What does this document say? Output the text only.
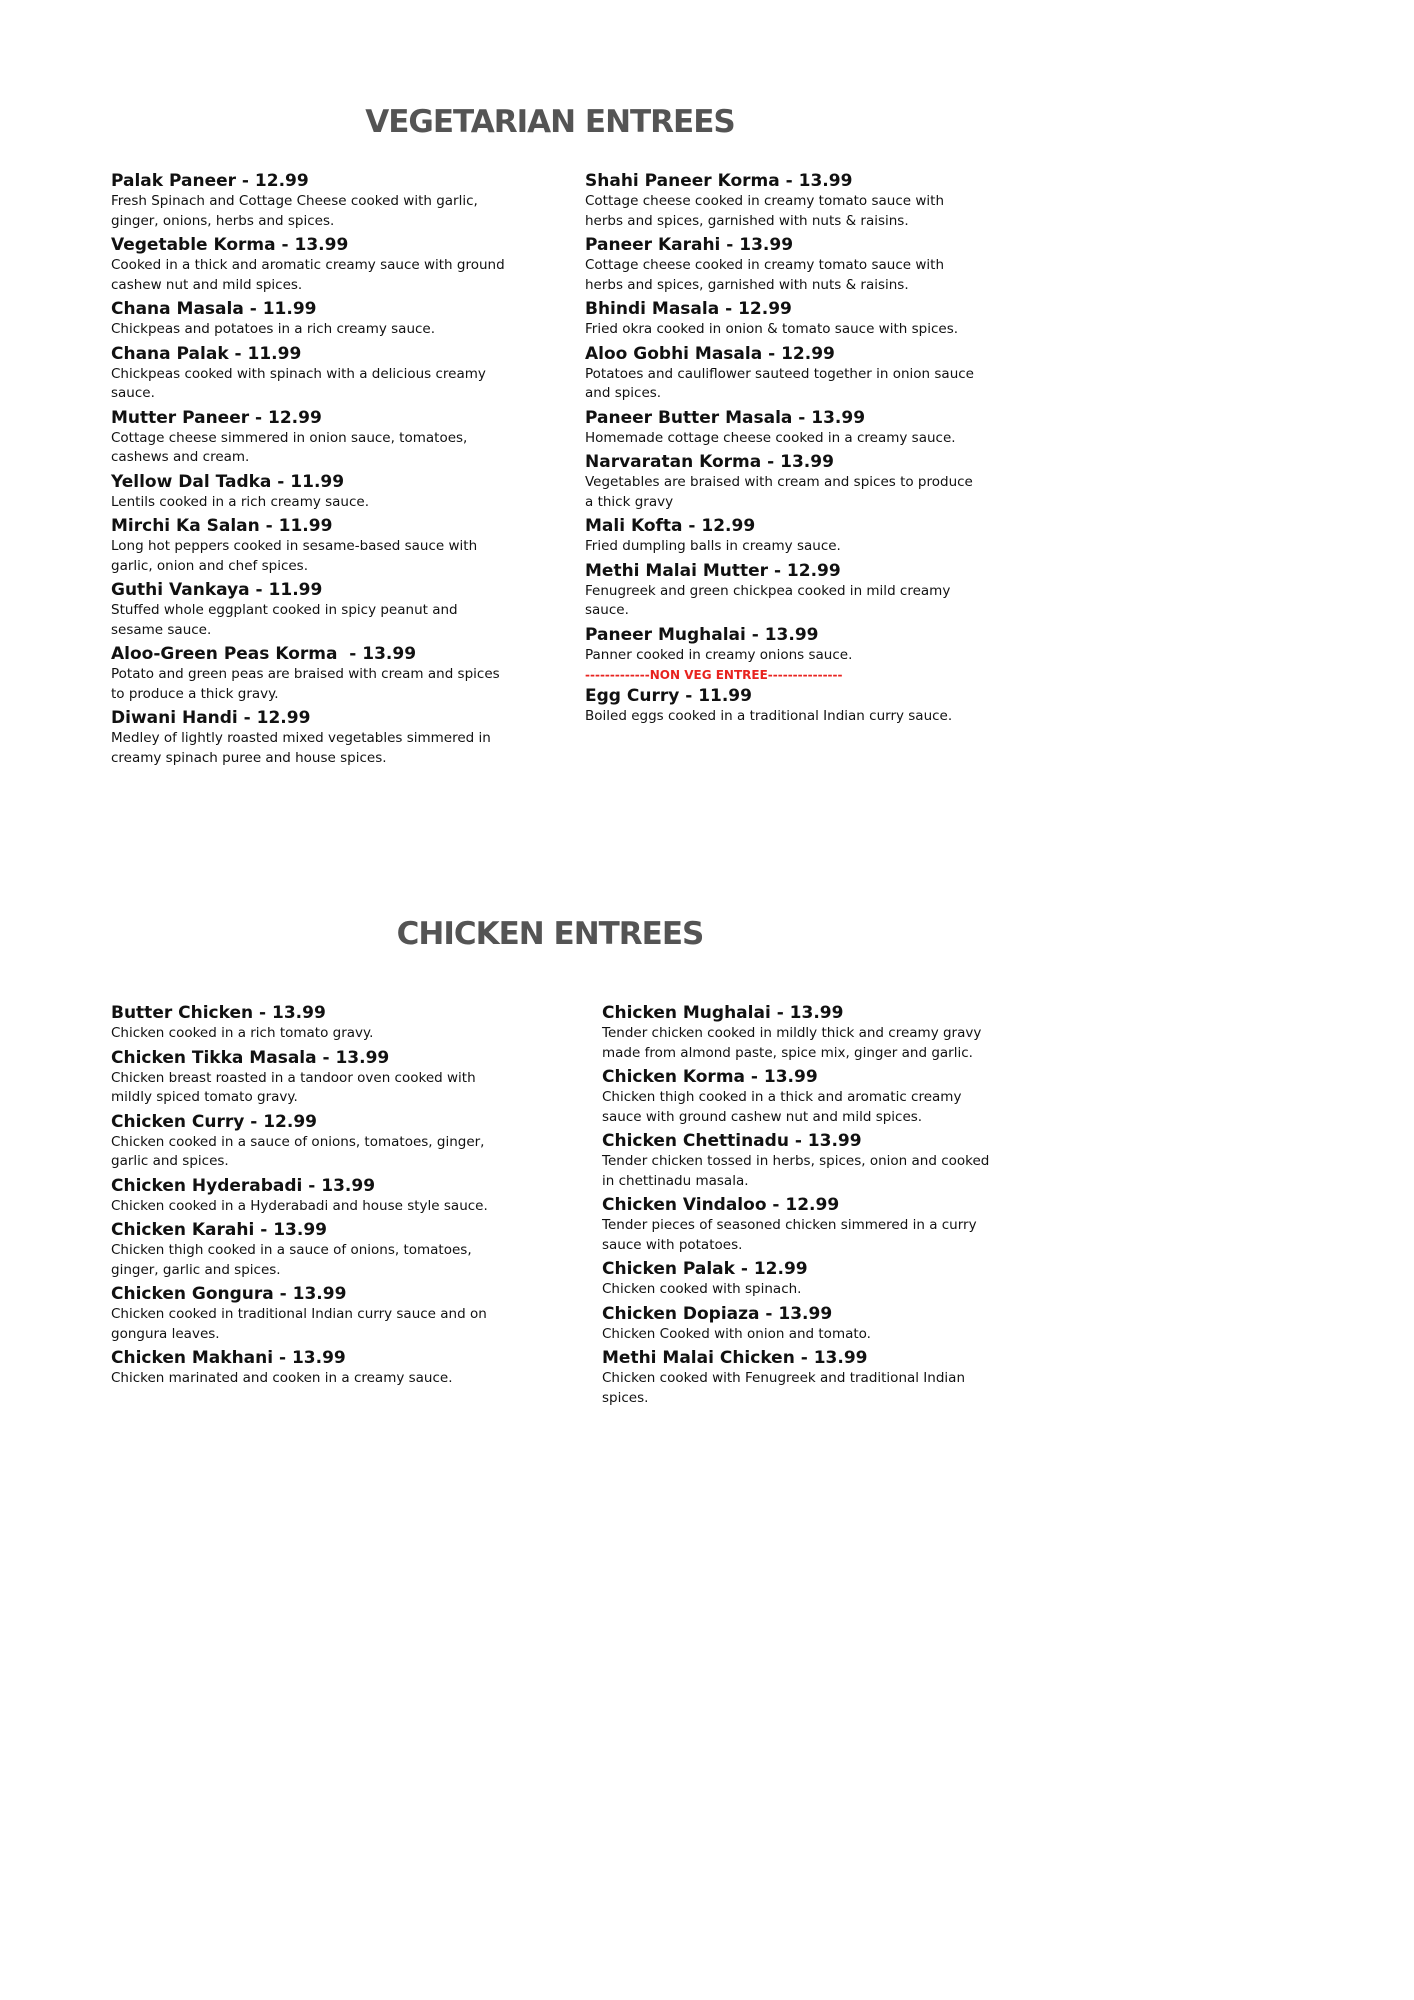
VEGETARIAN ENTREES
Palak Paneer - 12.99
Fresh Spinach and Cottage Cheese cooked with garlic, ginger, onions, herbs and spices.
Vegetable Korma - 13.99
Cooked in a thick and aromatic creamy sauce with ground cashew nut and mild spices.
Chana Masala - 11.99
Chickpeas and potatoes in a rich creamy sauce.
Chana Palak - 11.99
Chickpeas cooked with spinach with a delicious creamy sauce.
Mutter Paneer - 12.99
Cottage cheese simmered in onion sauce, tomatoes, cashews and cream.
Yellow Dal Tadka - 11.99
Lentils cooked in a rich creamy sauce.
Mirchi Ka Salan - 11.99
Long hot peppers cooked in sesame-based sauce with garlic, onion and chef spices.
Guthi Vankaya - 11.99
Stuffed whole eggplant cooked in spicy peanut and sesame sauce.
Aloo-Green Peas Korma  - 13.99
Potato and green peas are braised with cream and spices to produce a thick gravy.
Diwani Handi - 12.99
Medley of lightly roasted mixed vegetables simmered in creamy spinach puree and house spices.
Shahi Paneer Korma - 13.99
Cottage cheese cooked in creamy tomato sauce with herbs and spices, garnished with nuts & raisins.
Paneer Karahi - 13.99
Cottage cheese cooked in creamy tomato sauce with herbs and spices, garnished with nuts & raisins.
Bhindi Masala - 12.99
Fried okra cooked in onion & tomato sauce with spices.
Aloo Gobhi Masala - 12.99
Potatoes and cauliflower sauteed together in onion sauce and spices.
Paneer Butter Masala - 13.99
Homemade cottage cheese cooked in a creamy sauce.
Narvaratan Korma - 13.99
Vegetables are braised with cream and spices to produce a thick gravy
Mali Kofta - 12.99
Fried dumpling balls in creamy sauce.
Methi Malai Mutter - 12.99
Fenugreek and green chickpea cooked in mild creamy sauce.
Paneer Mughalai - 13.99
Panner cooked in creamy onions sauce.
-------------NON VEG ENTREE---------------
Egg Curry - 11.99
Boiled eggs cooked in a traditional Indian curry sauce.
CHICKEN ENTREES
Butter Chicken - 13.99
Chicken cooked in a rich tomato gravy.
Chicken Tikka Masala - 13.99
Chicken breast roasted in a tandoor oven cooked with mildly spiced tomato gravy.
Chicken Curry - 12.99
Chicken cooked in a sauce of onions, tomatoes, ginger, garlic and spices.
Chicken Hyderabadi - 13.99
Chicken cooked in a Hyderabadi and house style sauce.
Chicken Karahi - 13.99
Chicken thigh cooked in a sauce of onions, tomatoes, ginger, garlic and spices.
Chicken Gongura - 13.99
Chicken cooked in traditional Indian curry sauce and on gongura leaves.
Chicken Makhani - 13.99
Chicken marinated and cooken in a creamy sauce.
Chicken Mughalai - 13.99
Tender chicken cooked in mildly thick and creamy gravy made from almond paste, spice mix, ginger and garlic.
Chicken Korma - 13.99
Chicken thigh cooked in a thick and aromatic creamy sauce with ground cashew nut and mild spices.
Chicken Chettinadu - 13.99
Tender chicken tossed in herbs, spices, onion and cooked in chettinadu masala.
Chicken Vindaloo - 12.99
Tender pieces of seasoned chicken simmered in a curry sauce with potatoes.
Chicken Palak - 12.99
Chicken cooked with spinach.
Chicken Dopiaza - 13.99
Chicken Cooked with onion and tomato.
Methi Malai Chicken - 13.99
Chicken cooked with Fenugreek and traditional Indian spices.
